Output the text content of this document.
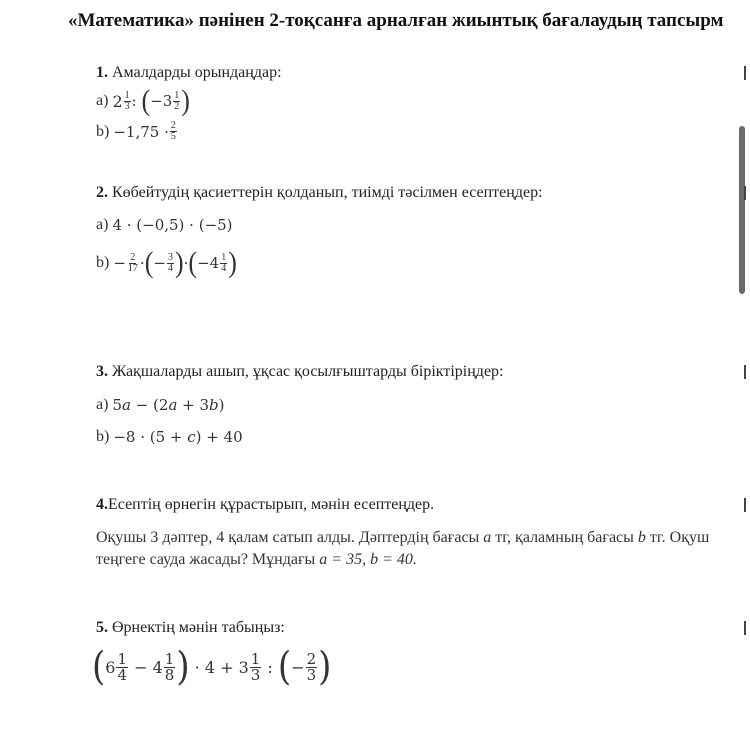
«Математика» пәнінен 2-тоқсанға арналған жиынтық бағалаудың тапсырм
1. Амалдарды орындаңдар:
a)
$2 \frac{1}{3}$ : ( $-3 \frac{1}{2}$ )
b)
$-1,75 \cdot \frac{2}{5}$
2. Көбейтудің қасиеттерін қолданып, тиімді тәсілмен есептеңдер:
a)
4 · (−0,5) · (−5)
b)
− $\frac{2}{17}$ · ( − $\frac{3}{4}$ ) · ( $-4 \frac{1}{4}$ )
3. Жақшаларды ашып, ұқсас қосылғыштарды біріктіріңдер:
a)
5a − (2a + 3b)
b)
−8 · (5 + c) + 40
4.Есептің өрнегін құрастырып, мәнін есептеңдер.
Оқушы 3 дәптер, 4 қалам сатып алды. Дәптердің бағасы a тг, қаламның бағасы b тг. Оқуш
теңгеге сауда жасады? Мұндағы a = 35, b = 40.
5. Өрнектің мәнін табыңыз:
( $6 \frac{1}{4} - 4 \frac{1}{8}$ ) · $4 + 3 \frac{1}{3}$ : ( − $\frac{2}{3}$ )
